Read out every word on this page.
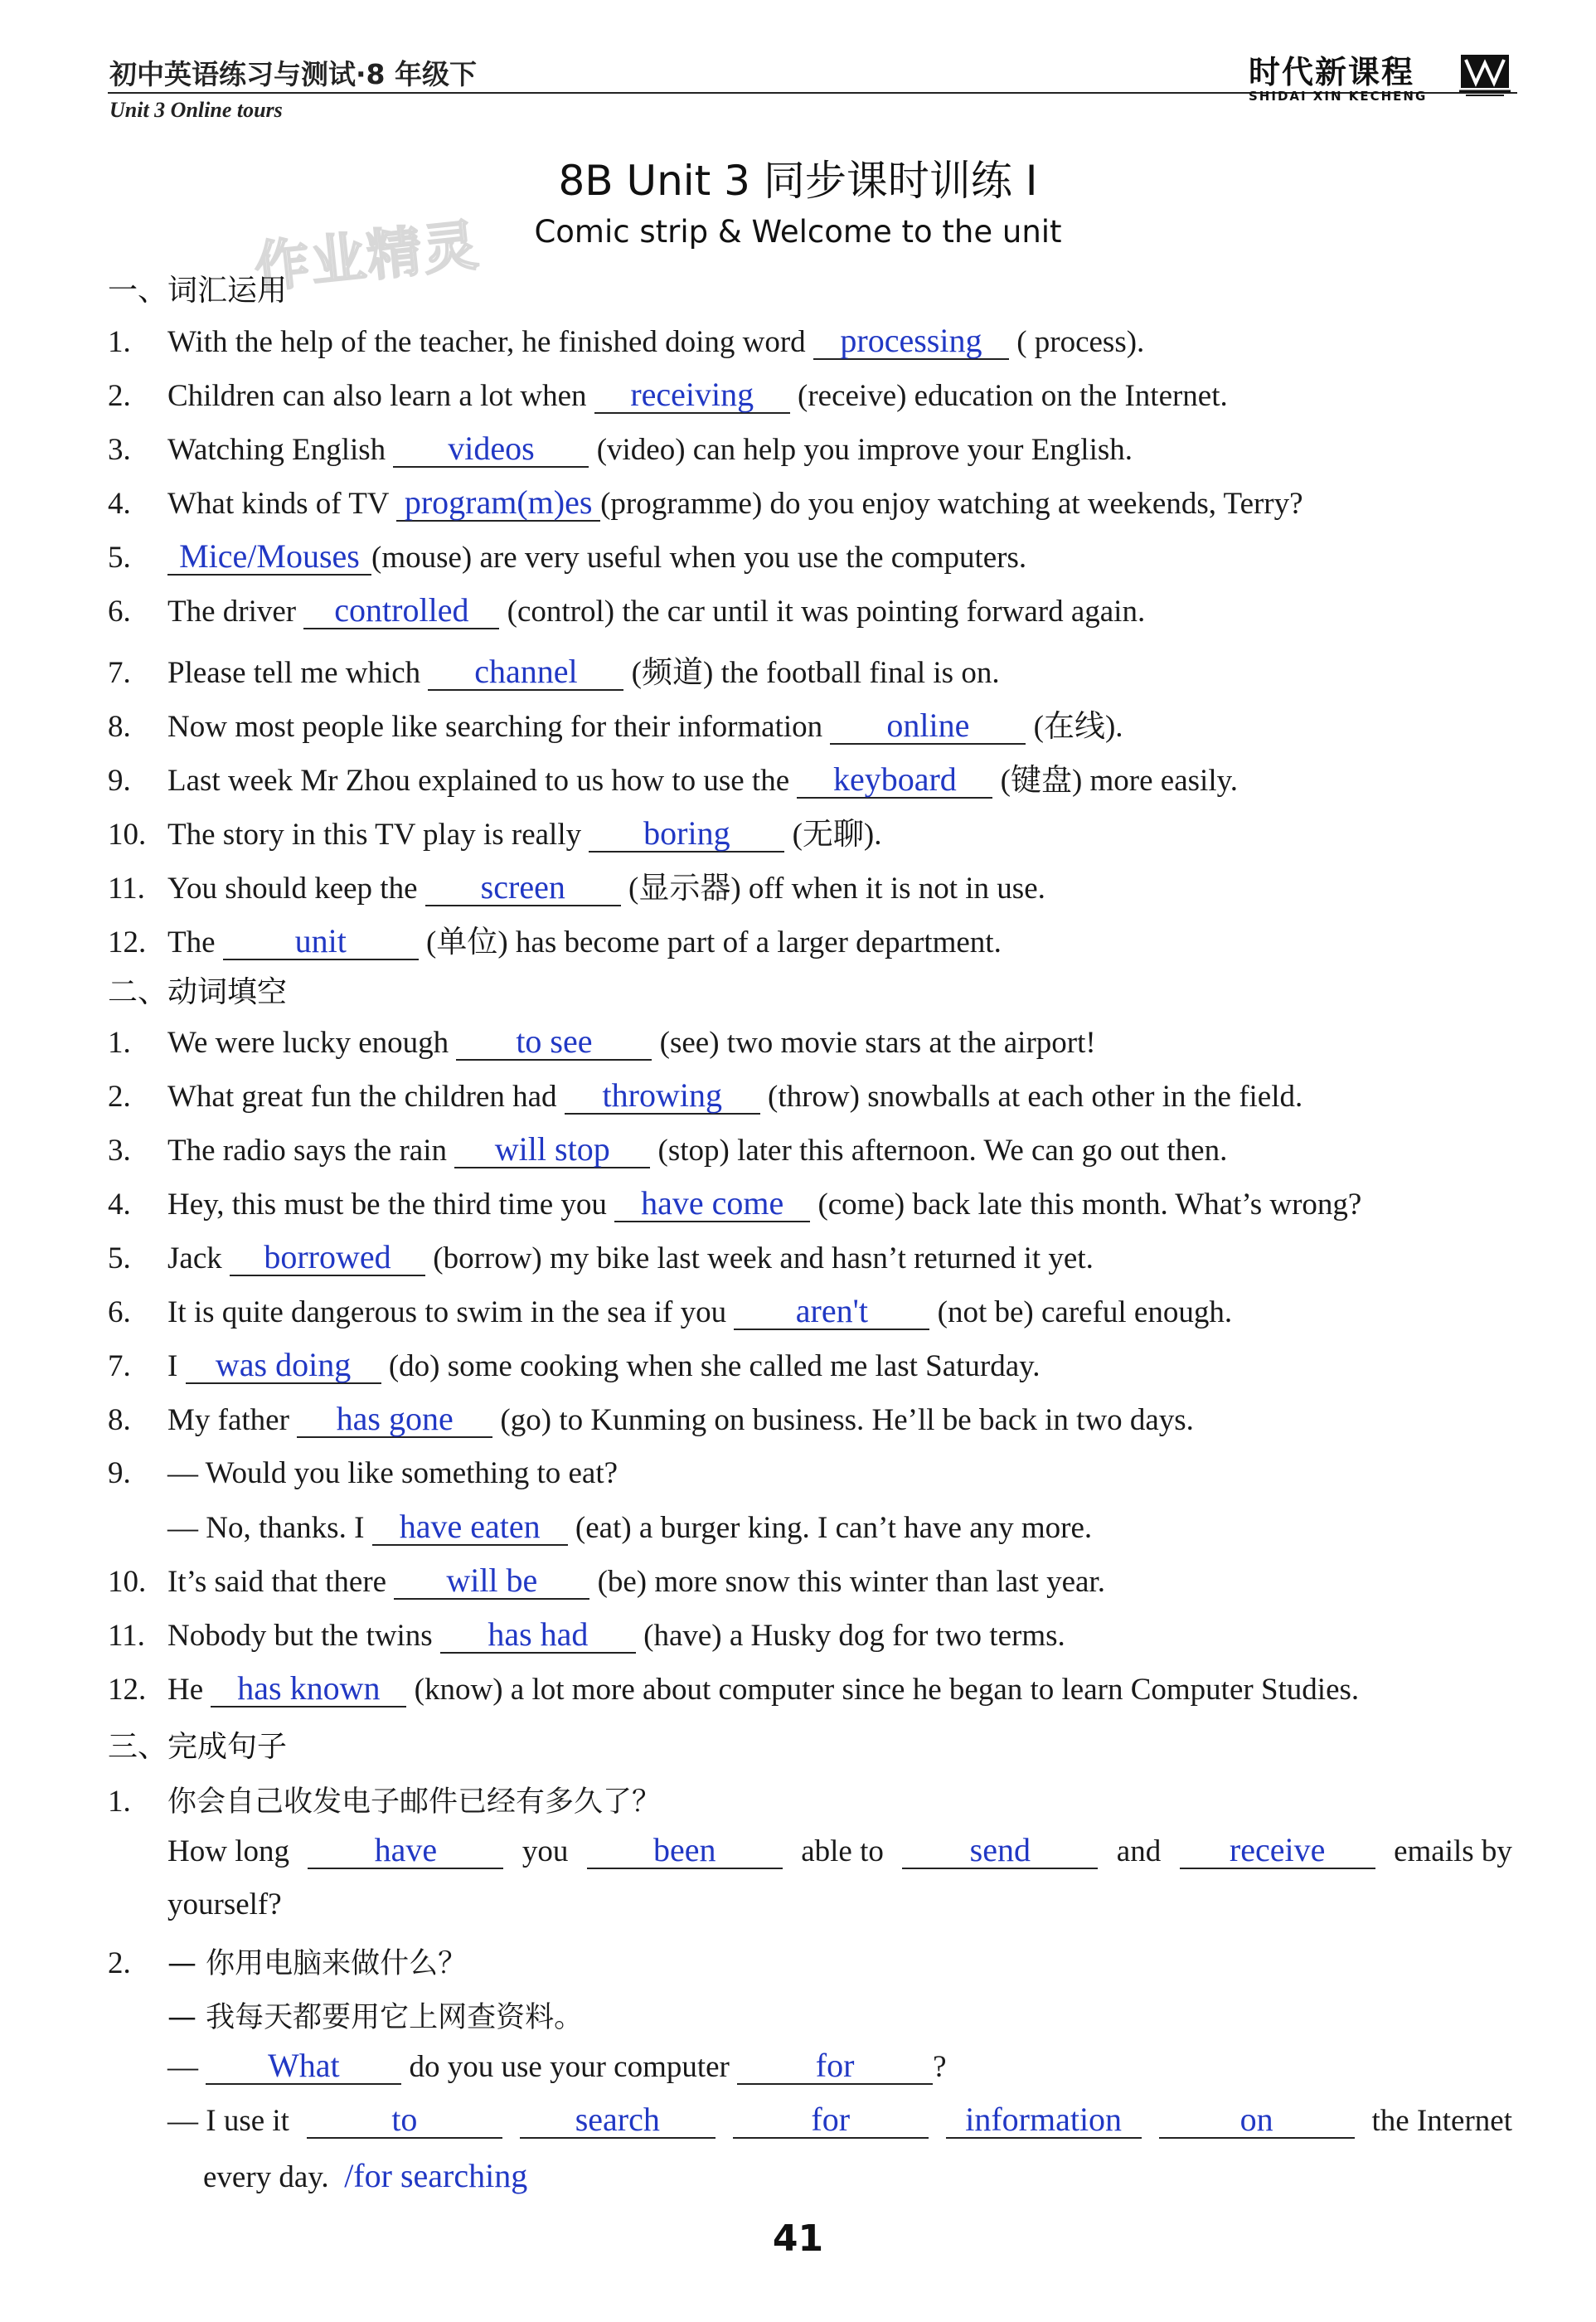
初中英语练习与测试·8 年级下
Unit 3 Online tours
时代新课程
SHIDAI XIN KECHENG
8B Unit 3 同步课时训练 I
Comic strip & Welcome to the unit
作业精灵
一、词汇运用
1. With the help of the teacher, he finished doing word processing ( process).
2. Children can also learn a lot when receiving (receive) education on the Internet.
3. Watching English videos (video) can help you improve your English.
4. What kinds of TV program(m)es (programme) do you enjoy watching at weekends, Terry?
5. Mice/Mouses (mouse) are very useful when you use the computers.
6. The driver controlled (control) the car until it was pointing forward again.
7. Please tell me which channel (频道) the football final is on.
8. Now most people like searching for their information online (在线).
9. Last week Mr Zhou explained to us how to use the keyboard (键盘) more easily.
10. The story in this TV play is really boring (无聊).
11. You should keep the screen (显示器) off when it is not in use.
12. The unit (单位) has become part of a larger department.
二、动词填空
1. We were lucky enough to see (see) two movie stars at the airport!
2. What great fun the children had throwing (throw) snowballs at each other in the field.
3. The radio says the rain will stop (stop) later this afternoon. We can go out then.
4. Hey, this must be the third time you have come (come) back late this month. What’s wrong?
5. Jack borrowed (borrow) my bike last week and hasn’t returned it yet.
6. It is quite dangerous to swim in the sea if you aren't (not be) careful enough.
7. I was doing (do) some cooking when she called me last Saturday.
8. My father has gone (go) to Kunming on business. He’ll be back in two days.
9. — Would you like something to eat?
— No, thanks. I have eaten (eat) a burger king. I can’t have any more.
10. It’s said that there will be (be) more snow this winter than last year.
11. Nobody but the twins has had (have) a Husky dog for two terms.
12. He has known (know) a lot more about computer since he began to learn Computer Studies.
三、完成句子
1. 你会自己收发电子邮件已经有多久了？
How long	have	you	been	able to	send	and	receive	emails by
yourself?
2. — 你用电脑来做什么？
— 我每天都要用它上网查资料。
— What do you use your computer	for	?
— I use it	to	search	for	information	on	the Internet
every day. /for searching
41
